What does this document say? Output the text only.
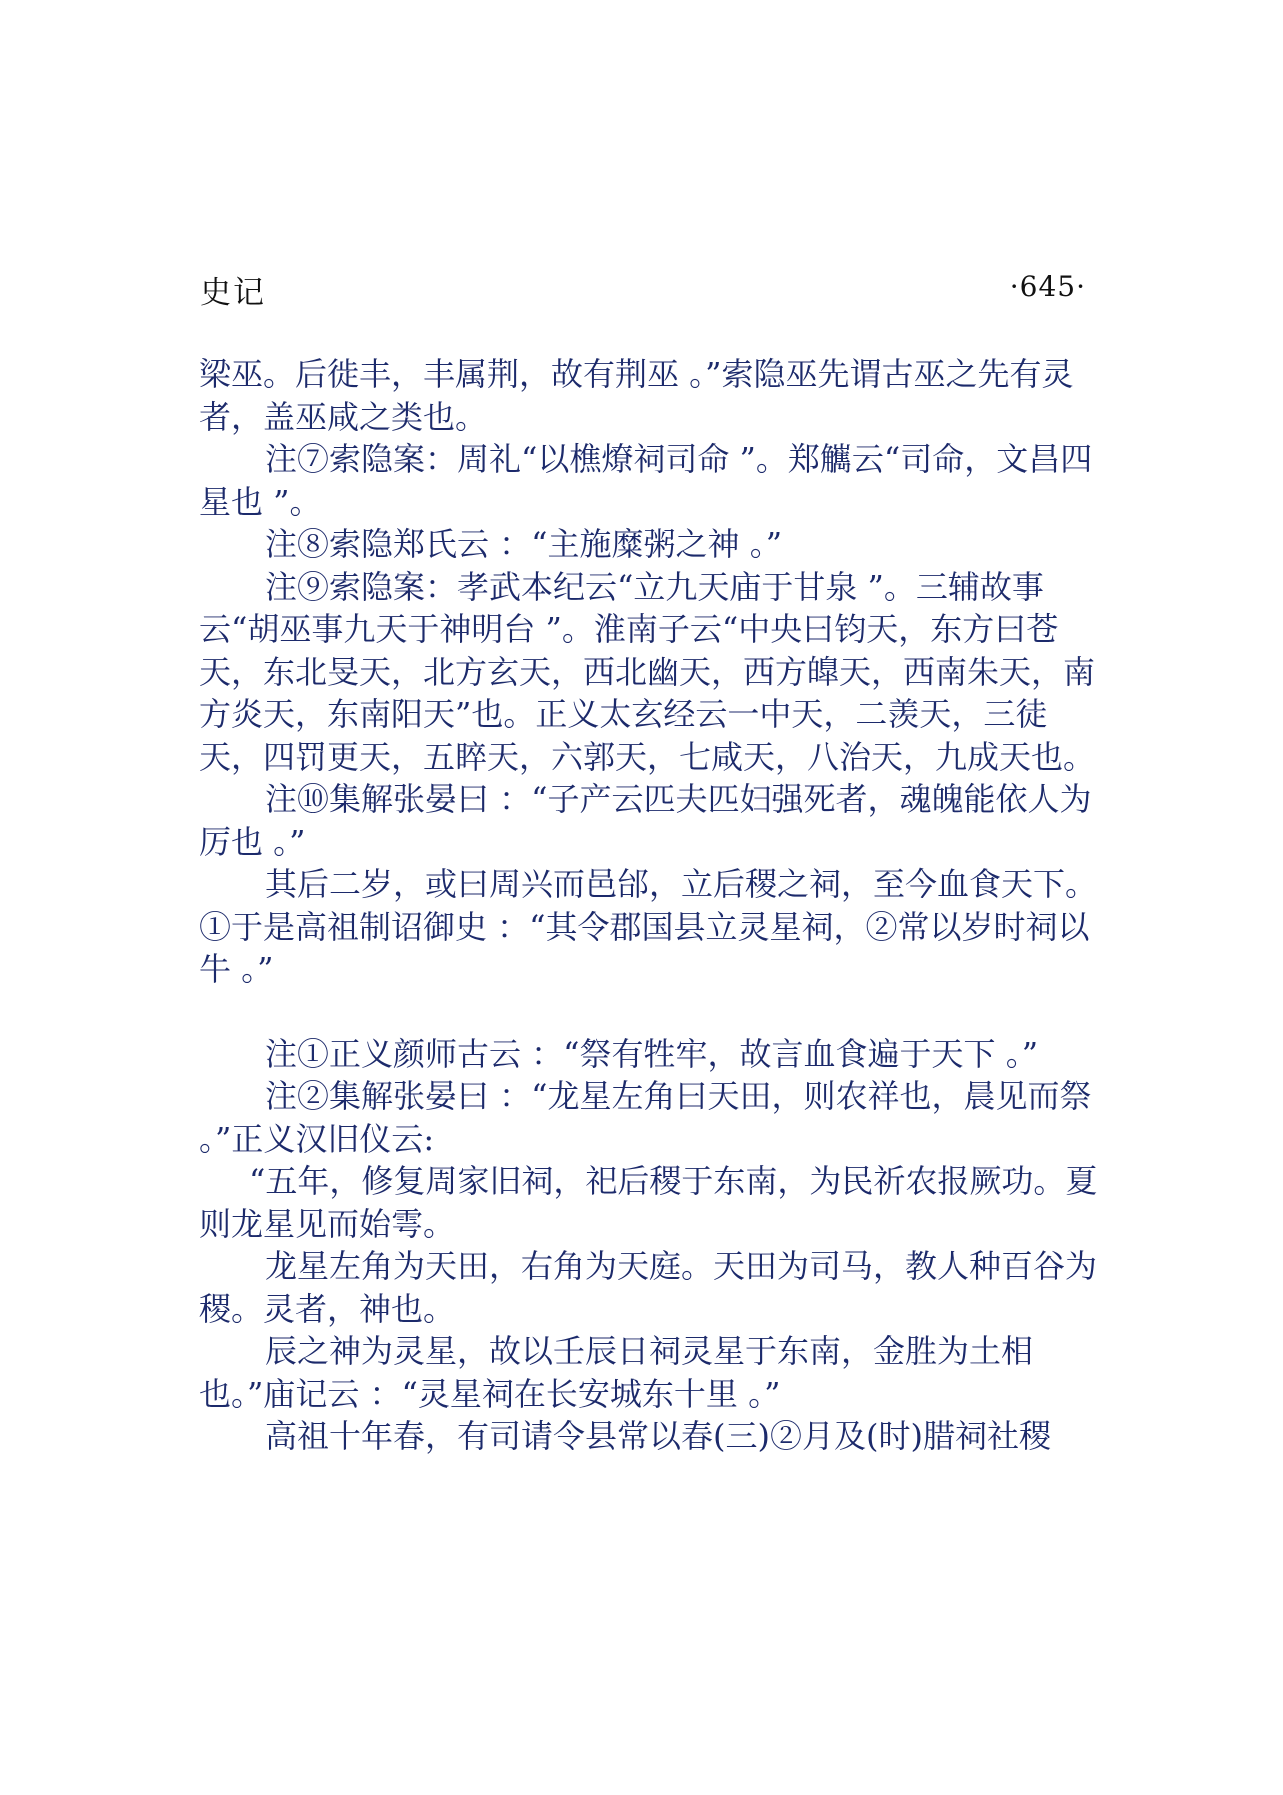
史记	·645·

梁巫。后徙丰，丰属荆，故有荆巫 。”索隐巫先谓古巫之先有灵者，盖巫咸之类也。

注⑦索隐案：周礼“以樵燎祠司命 ”。郑觽云“司命，文昌四星也 ”。

注⑧索隐郑氏云 ：“主施糜粥之神 。”

注⑨索隐案：孝武本纪云“立九天庙于甘泉 ”。三辅故事云“胡巫事九天于神明台 ”。淮南子云“中央曰钧天，东方曰苍天，东北旻天，北方玄天，西北幽天，西方皥天，西南朱天，南方炎天，东南阳天”也。正义太玄经云一中天，二羡天，三徒天，四罚更天，五睟天，六郭天，七咸天，八治天，九成天也。

注⑩集解张晏曰 ：“子产云匹夫匹妇强死者，魂魄能依人为厉也 。”

其后二岁，或曰周兴而邑邰，立后稷之祠，至今血食天下。①于是高祖制诏御史 ：“其令郡国县立灵星祠，②常以岁时祠以牛 。”

注①正义颜师古云 ：“祭有牲牢，故言血食遍于天下 。”

注②集解张晏曰 ：“龙星左角曰天田，则农祥也，晨见而祭 。”正义汉旧仪云:

“五年，修复周家旧祠，祀后稷于东南，为民祈农报厥功。夏则龙星见而始雩。

龙星左角为天田，右角为天庭。天田为司马，教人种百谷为稷。灵者，神也。

辰之神为灵星，故以壬辰日祠灵星于东南，金胜为土相也。”庙记云 ：“灵星祠在长安城东十里 。”

高祖十年春，有司请令县常以春(三)②月及(时)腊祠社稷
